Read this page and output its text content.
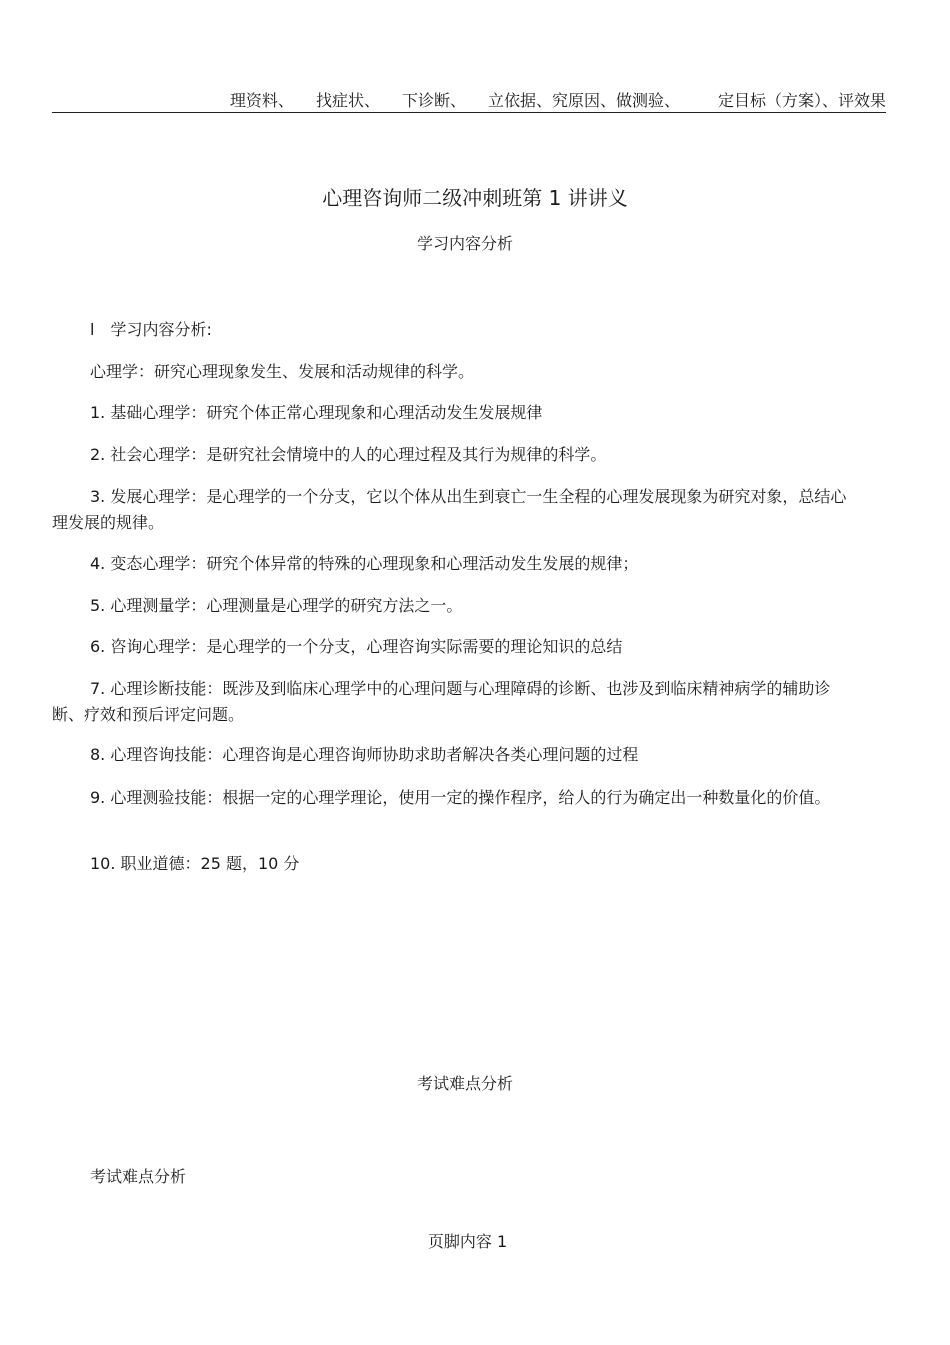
理资料、 找症状、 下诊断、 立依据、究原因、做测验、 定目标（方案）、评效果
心理咨询师二级冲刺班第 1 讲讲义
学习内容分析
l　学习内容分析:
心理学：研究心理现象发生、发展和活动规律的科学。
1. 基础心理学：研究个体正常心理现象和心理活动发生发展规律
2. 社会心理学：是研究社会情境中的人的心理过程及其行为规律的科学。
3. 发展心理学：是心理学的一个分支，它以个体从出生到衰亡一生全程的心理发展现象为研究对象，总结心理发展的规律。
4. 变态心理学：研究个体异常的特殊的心理现象和心理活动发生发展的规律；
5. 心理测量学：心理测量是心理学的研究方法之一。
6. 咨询心理学：是心理学的一个分支，心理咨询实际需要的理论知识的总结
7. 心理诊断技能：既涉及到临床心理学中的心理问题与心理障碍的诊断、也涉及到临床精神病学的辅助诊断、疗效和预后评定问题。
8. 心理咨询技能：心理咨询是心理咨询师协助求助者解决各类心理问题的过程
9. 心理测验技能：根据一定的心理学理论，使用一定的操作程序，给人的行为确定出一种数量化的价值。
10. 职业道德：25 题，10 分
考试难点分析
考试难点分析
页脚内容 1
